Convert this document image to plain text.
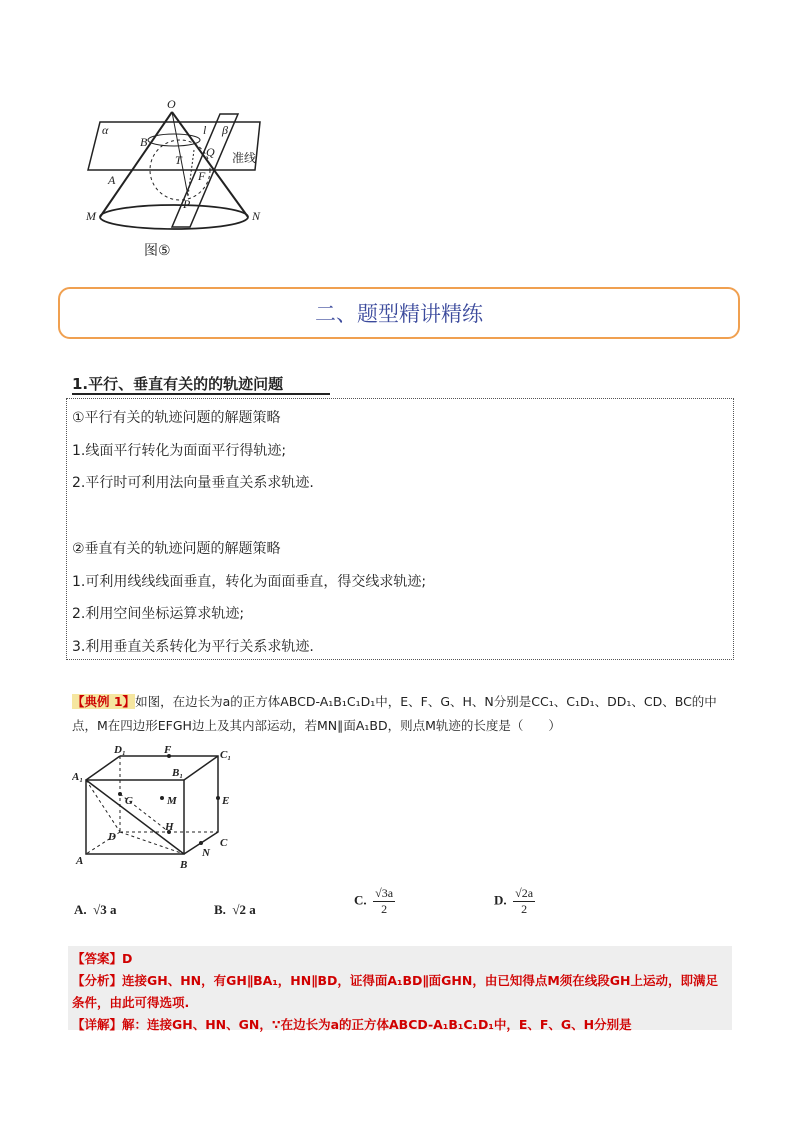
O
α
B
l β
T
Q 准线
A	F
P
M	N
图⑤
二、题型精讲精练
1.平行、垂直有关的的轨迹问题
①平行有关的轨迹问题的解题策略
1.线面平行转化为面面平行得轨迹;
2.平行时可利用法向量垂直关系求轨迹.
②垂直有关的轨迹问题的解题策略
1.可利用线线线面垂直，转化为面面垂直，得交线求轨迹;
2.利用空间坐标运算求轨迹;
3.利用垂直关系转化为平行关系求轨迹.
【典例 1】如图，在边长为a的正方体ABCD-A₁B₁C₁D₁中，E、F、G、H、N分别是CC₁、C₁D₁、DD₁、CD、BC的中点，M在四边形EFGH边上及其内部运动，若MN∥面A₁BD，则点M轨迹的长度是（　　）
D₁	F	C₁
A₁	B₁
G	M	E
H
D	C
A
N
B
A. √3 a	B. √2 a
C. $\frac{√3a}{2}$	D. $\frac{√2a}{2}$
【答案】D
【分析】连接GH、HN，有GH∥BA₁，HN∥BD，证得面A₁BD∥面GHN，由已知得点M须在线段GH上运动，即满足条件，由此可得选项.
【详解】解：连接GH、HN、GN，∵在边长为a的正方体ABCD-A₁B₁C₁D₁中，E、F、G、H分别是
